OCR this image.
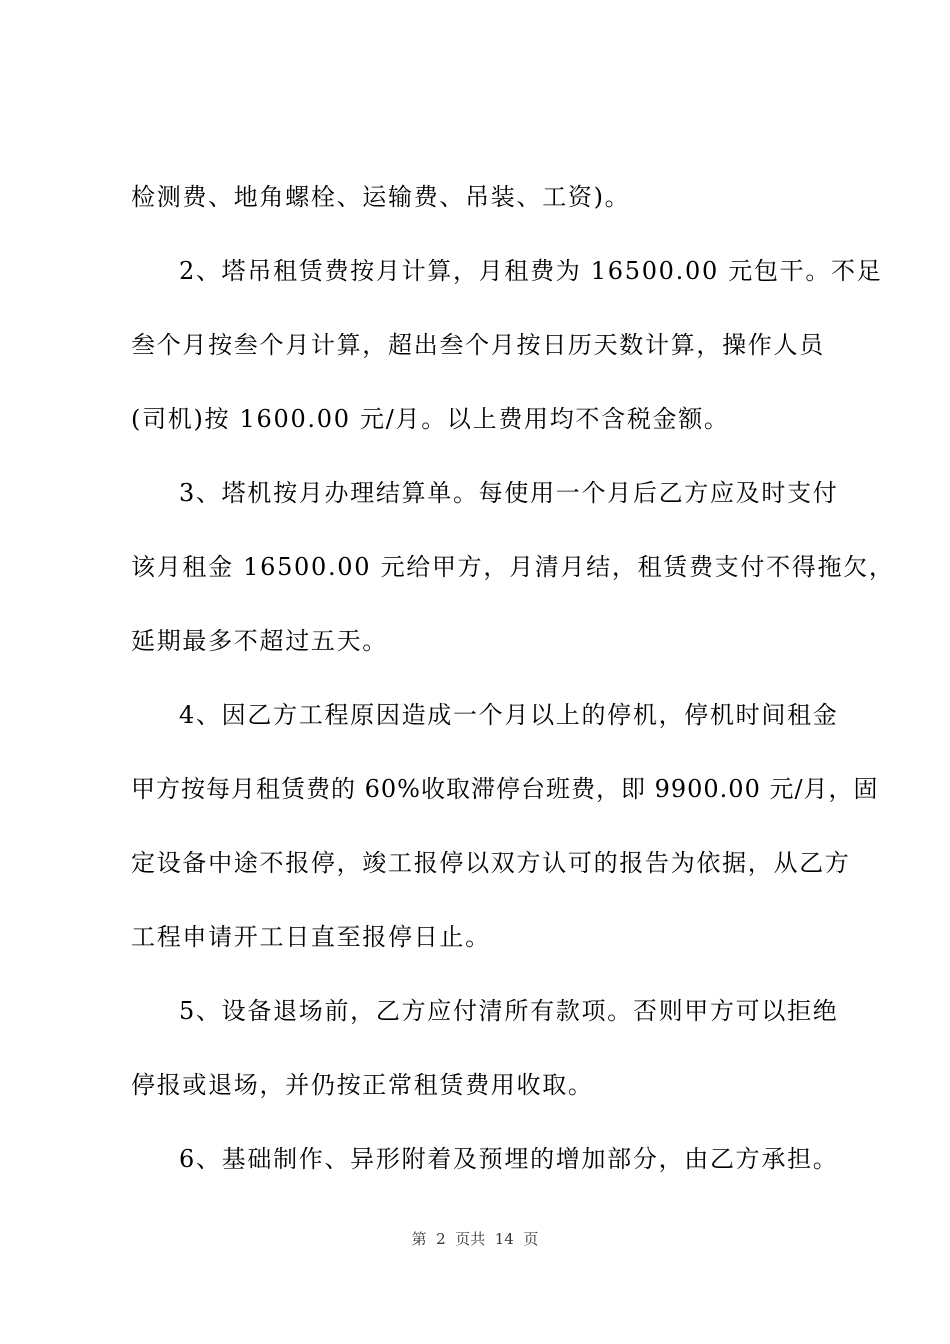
检测费、地角螺栓、运输费、吊装、工资)。
2、塔吊租赁费按月计算，月租费为 16500.00 元包干。不足
叁个月按叁个月计算，超出叁个月按日历天数计算，操作人员
(司机)按 1600.00 元/月。以上费用均不含税金额。
3、塔机按月办理结算单。每使用一个月后乙方应及时支付
该月租金 16500.00 元给甲方，月清月结，租赁费支付不得拖欠，
延期最多不超过五天。
4、因乙方工程原因造成一个月以上的停机，停机时间租金
甲方按每月租赁费的 60%收取滞停台班费，即 9900.00 元/月，固
定设备中途不报停，竣工报停以双方认可的报告为依据，从乙方
工程申请开工日直至报停日止。
5、设备退场前，乙方应付清所有款项。否则甲方可以拒绝
停报或退场，并仍按正常租赁费用收取。
6、基础制作、异形附着及预埋的增加部分，由乙方承担。
第  2  页共  14  页
